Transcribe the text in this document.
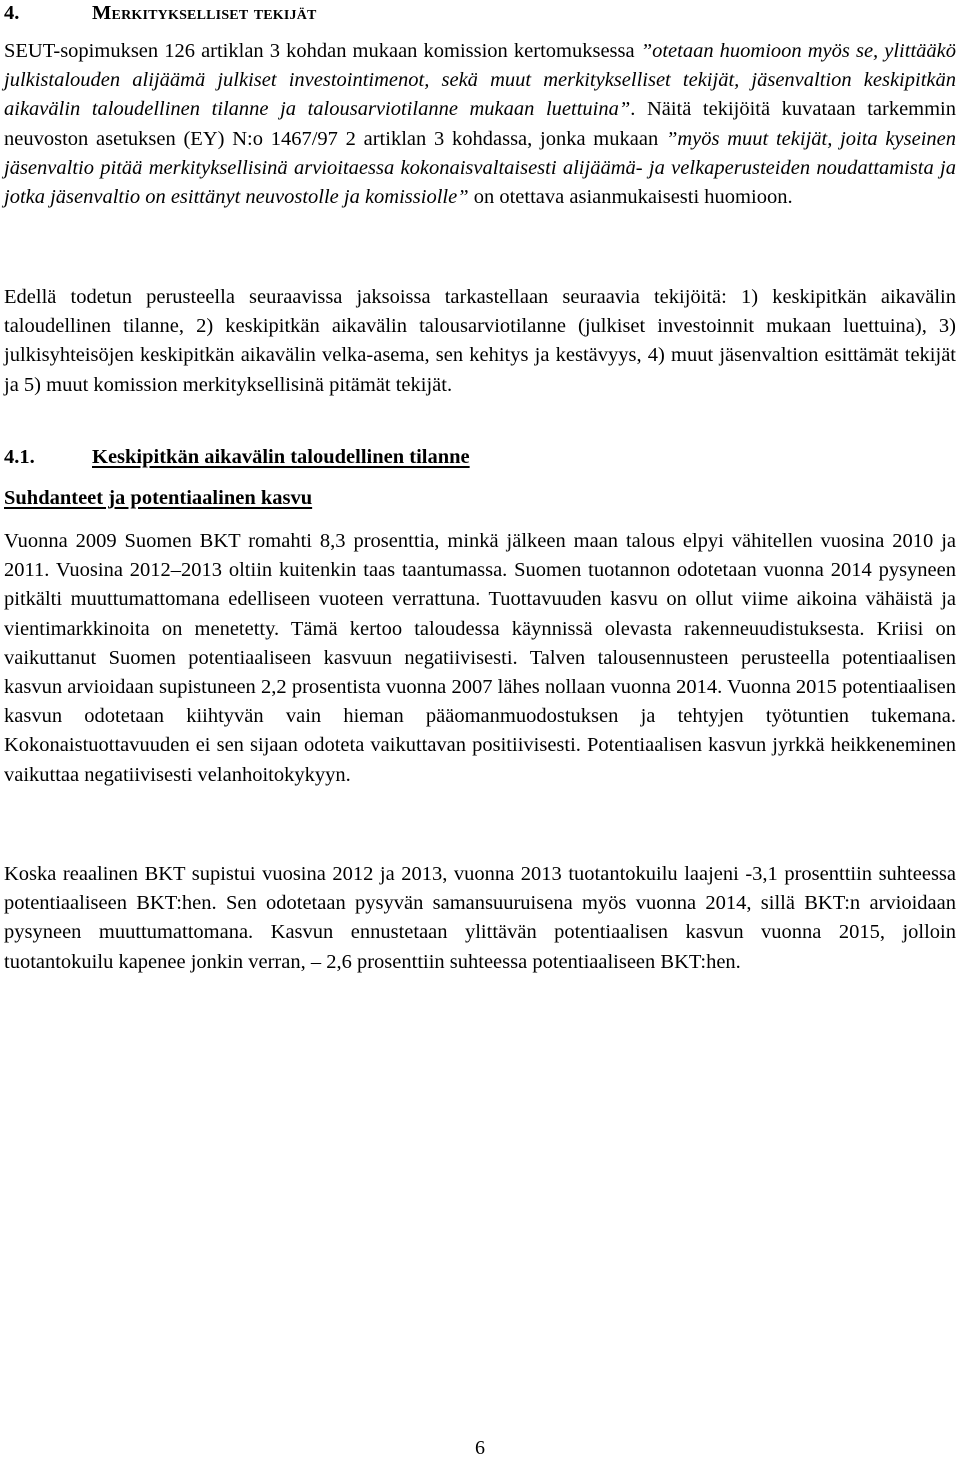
4.	Merkitykselliset tekijät

SEUT-sopimuksen 126 artiklan 3 kohdan mukaan komission kertomuksessa ”otetaan huomioon myös se, ylittääkö julkistalouden alijäämä julkiset investointimenot, sekä muut merkitykselliset tekijät, jäsenvaltion keskipitkän aikavälin taloudellinen tilanne ja talousarviotilanne mukaan luettuina”. Näitä tekijöitä kuvataan tarkemmin neuvoston asetuksen (EY) N:o 1467/97 2 artiklan 3 kohdassa, jonka mukaan ”myös muut tekijät, joita kyseinen jäsenvaltio pitää merkityksellisinä arvioitaessa kokonaisvaltaisesti alijäämä- ja velkaperusteiden noudattamista ja jotka jäsenvaltio on esittänyt neuvostolle ja komissiolle” on otettava asianmukaisesti huomioon.

Edellä todetun perusteella seuraavissa jaksoissa tarkastellaan seuraavia tekijöitä: 1) keskipitkän aikavälin taloudellinen tilanne, 2) keskipitkän aikavälin talousarviotilanne (julkiset investoinnit mukaan luettuina), 3) julkisyhteisöjen keskipitkän aikavälin velka-asema, sen kehitys ja kestävyys, 4) muut jäsenvaltion esittämät tekijät ja 5) muut komission merkityksellisinä pitämät tekijät.

4.1.	Keskipitkän aikavälin taloudellinen tilanne
Suhdanteet ja potentiaalinen kasvu

Vuonna 2009 Suomen BKT romahti 8,3 prosenttia, minkä jälkeen maan talous elpyi vähitellen vuosina 2010 ja 2011. Vuosina 2012–2013 oltiin kuitenkin taas taantumassa. Suomen tuotannon odotetaan vuonna 2014 pysyneen pitkälti muuttumattomana edelliseen vuoteen verrattuna. Tuottavuuden kasvu on ollut viime aikoina vähäistä ja vientimarkkinoita on menetetty. Tämä kertoo taloudessa käynnissä olevasta rakenneuudistuksesta. Kriisi on vaikuttanut Suomen potentiaaliseen kasvuun negatiivisesti. Talven talousennusteen perusteella potentiaalisen kasvun arvioidaan supistuneen 2,2 prosentista vuonna 2007 lähes nollaan vuonna 2014. Vuonna 2015 potentiaalisen kasvun odotetaan kiihtyvän vain hieman pääomanmuodostuksen ja tehtyjen työtuntien tukemana. Kokonaistuottavuuden ei sen sijaan odoteta vaikuttavan positiivisesti. Potentiaalisen kasvun jyrkkä heikkeneminen vaikuttaa negatiivisesti velanhoitokykyyn.

Koska reaalinen BKT supistui vuosina 2012 ja 2013, vuonna 2013 tuotantokuilu laajeni -3,1 prosenttiin suhteessa potentiaaliseen BKT:hen. Sen odotetaan pysyvän samansuuruisena myös vuonna 2014, sillä BKT:n arvioidaan pysyneen muuttumattomana. Kasvun ennustetaan ylittävän potentiaalisen kasvun vuonna 2015, jolloin tuotantokuilu kapenee jonkin verran, – 2,6 prosenttiin suhteessa potentiaaliseen BKT:hen.

6
